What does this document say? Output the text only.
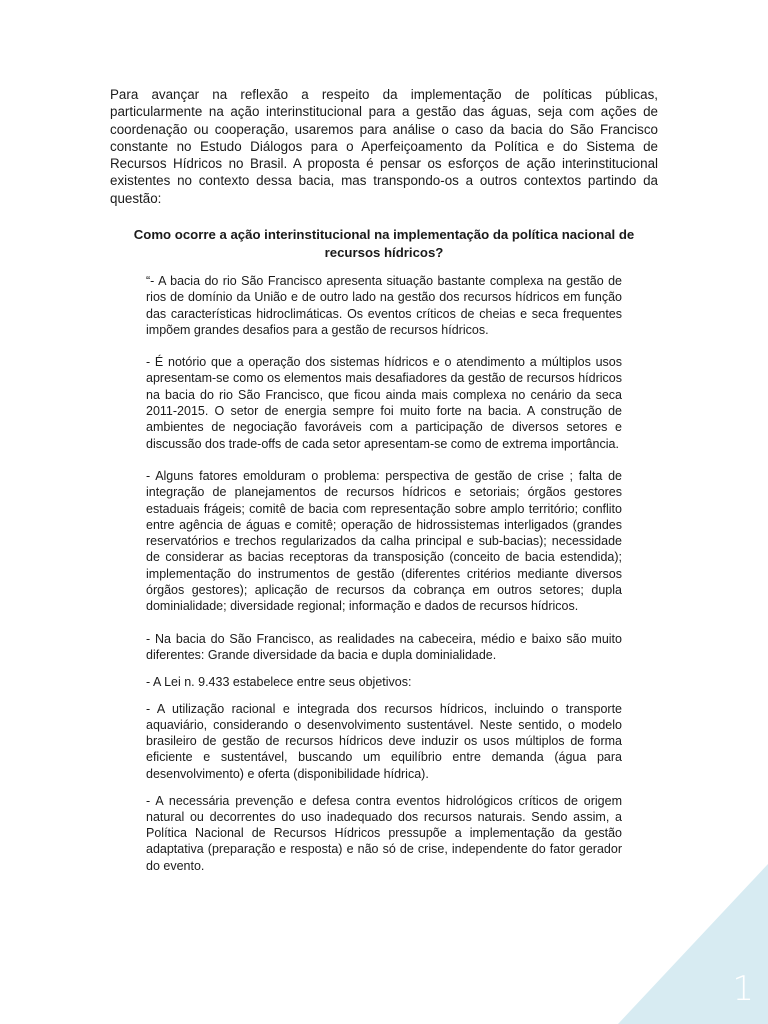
Para avançar na reflexão a respeito da implementação de políticas públicas, particularmente na ação interinstitucional para a gestão das águas, seja com ações de coordenação ou cooperação, usaremos para análise o caso da bacia do São Francisco constante no Estudo Diálogos para o Aperfeiçoamento da Política e do Sistema de Recursos Hídricos no Brasil. A proposta é pensar os esforços de ação interinstitucional existentes no contexto dessa bacia, mas transpondo-os a outros contextos partindo da questão:

Como ocorre a ação interinstitucional na implementação da política nacional de recursos hídricos?

“- A bacia do rio São Francisco apresenta situação bastante complexa na gestão de rios de domínio da União e de outro lado na gestão dos recursos hídricos em função das características hidroclimáticas. Os eventos críticos de cheias e seca frequentes impõem grandes desafios para a gestão de recursos hídricos.

- É notório que a operação dos sistemas hídricos e o atendimento a múltiplos usos apresentam-se como os elementos mais desafiadores da gestão de recursos hídricos na bacia do rio São Francisco, que ficou ainda mais complexa no cenário da seca 2011-2015. O setor de energia sempre foi muito forte na bacia. A construção de ambientes de negociação favoráveis com a participação de diversos setores e discussão dos trade-offs de cada setor apresentam-se como de extrema importância.

- Alguns fatores emolduram o problema: perspectiva de gestão de crise ; falta de integração de planejamentos de recursos hídricos e setoriais; órgãos gestores estaduais frágeis; comitê de bacia com representação sobre amplo território; conflito entre agência de águas e comitê; operação de hidrossistemas interligados (grandes reservatórios e trechos regularizados da calha principal e sub-bacias); necessidade de considerar as bacias receptoras da transposição (conceito de bacia estendida); implementação do instrumentos de gestão (diferentes critérios mediante diversos órgãos gestores); aplicação de recursos da cobrança em outros setores; dupla dominialidade; diversidade regional; informação e dados de recursos hídricos.

- Na bacia do São Francisco, as realidades na cabeceira, médio e baixo são muito diferentes: Grande diversidade da bacia e dupla dominialidade.

- A Lei n. 9.433 estabelece entre seus objetivos:

- A utilização racional e integrada dos recursos hídricos, incluindo o transporte aquaviário, considerando o desenvolvimento sustentável. Neste sentido, o modelo brasileiro de gestão de recursos hídricos deve induzir os usos múltiplos de forma eficiente e sustentável, buscando um equilíbrio entre demanda (água para desenvolvimento) e oferta (disponibilidade hídrica).

- A necessária prevenção e defesa contra eventos hidrológicos críticos de origem natural ou decorrentes do uso inadequado dos recursos naturais. Sendo assim, a Política Nacional de Recursos Hídricos pressupõe a implementação da gestão adaptativa (preparação e resposta) e não só de crise, independente do fator gerador do evento.

1
